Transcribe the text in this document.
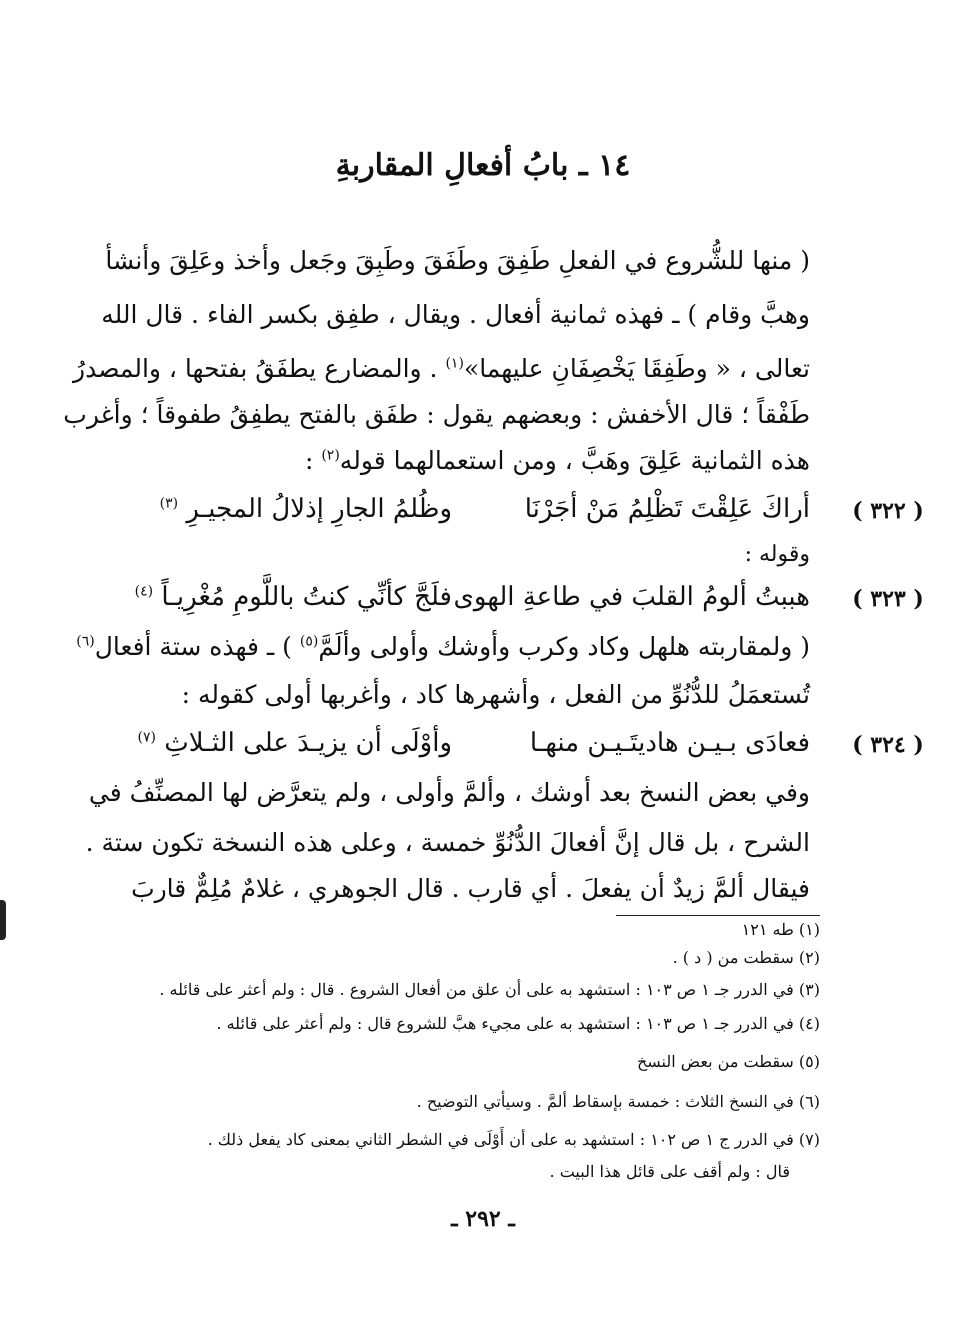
١٤ ـ بابُ أفعالِ المقاربةِ
( منها للشُّروع في الفعلِ طَفِقَ وطَفَقَ وطَبِقَ وجَعل وأخذ وعَلِقَ وأنشأ
وهبَّ وقام ) ـ فهذه ثمانية أفعال . ويقال ، طفِق بكسر الفاء . قال الله
تعالى ، « وطَفِقَا يَخْصِفَانِ عليهما»$^{(١)}$ . والمضارع يطفَقُ بفتحها ، والمصدرُ
طَفْقاً ؛ قال الأخفش : وبعضهم يقول : طفَق بالفتح يطفِقُ طفوقاً ؛ وأغرب
هذه الثمانية عَلِقَ وهَبَّ ، ومن استعمالهما قوله$^{(٢)}$ :
( ٣٢٢ )
أراكَ عَلِقْتَ تَظْلِمُ مَنْ أجَرْنَا
وظُلمُ الجارِ إذلالُ المجيـرِ $^{(٣)}$
وقوله :
( ٣٢٣ )
هببتُ ألومُ القلبَ في طاعةِ الهوى
فلَجَّ كأنِّي كنتُ باللَّومِ مُغْرِيـاً $^{(٤)}$
( ولمقاربته هلهل وكاد وكرب وأوشك وأولى وألَمَّ$^{(٥)}$ ) ـ فهذه ستة أفعال$^{(٦)}$
تُستعمَلُ للدُّنُوِّ من الفعل ، وأشهرها كاد ، وأغربها أولى كقوله :
( ٣٢٤ )
فعادَى بـيـن هاديتَـيـن منهـا
وأوْلَى أن يزيـدَ على الثـلاثِ $^{(٧)}$
وفي بعض النسخ بعد أوشك ، وألمَّ وأولى ، ولم يتعرَّض لها المصنِّفُ في
الشرح ، بل قال إنَّ أفعالَ الدُّنُوِّ خمسة ، وعلى هذه النسخة تكون ستة .
فيقال ألمَّ زيدٌ أن يفعلَ . أي قارب . قال الجوهري ، غلامٌ مُلِمٌّ قاربَ
(١) طه ١٢١
(٢) سقطت من ( د ) .
(٣) في الدرر جـ ١ ص ١٠٣ : استشهد به على أن علق من أفعال الشروع . قال : ولم أعثر على قائله .
(٤) في الدرر جـ ١ ص ١٠٣ : استشهد به على مجيء هبَّ للشروع قال : ولم أعثر على قائله .
(٥) سقطت من بعض النسخ
(٦) في النسخ الثلاث : خمسة بإسقاط ألمَّ . وسيأتي التوضيح .
(٧) في الدرر ج ١ ص ١٠٢ : استشهد به على أن أَوْلَى في الشطر الثاني بمعنى كاد يفعل ذلك .
قال : ولم أقف على قائل هذا البيت .
ـ ٢٩٢ ـ
